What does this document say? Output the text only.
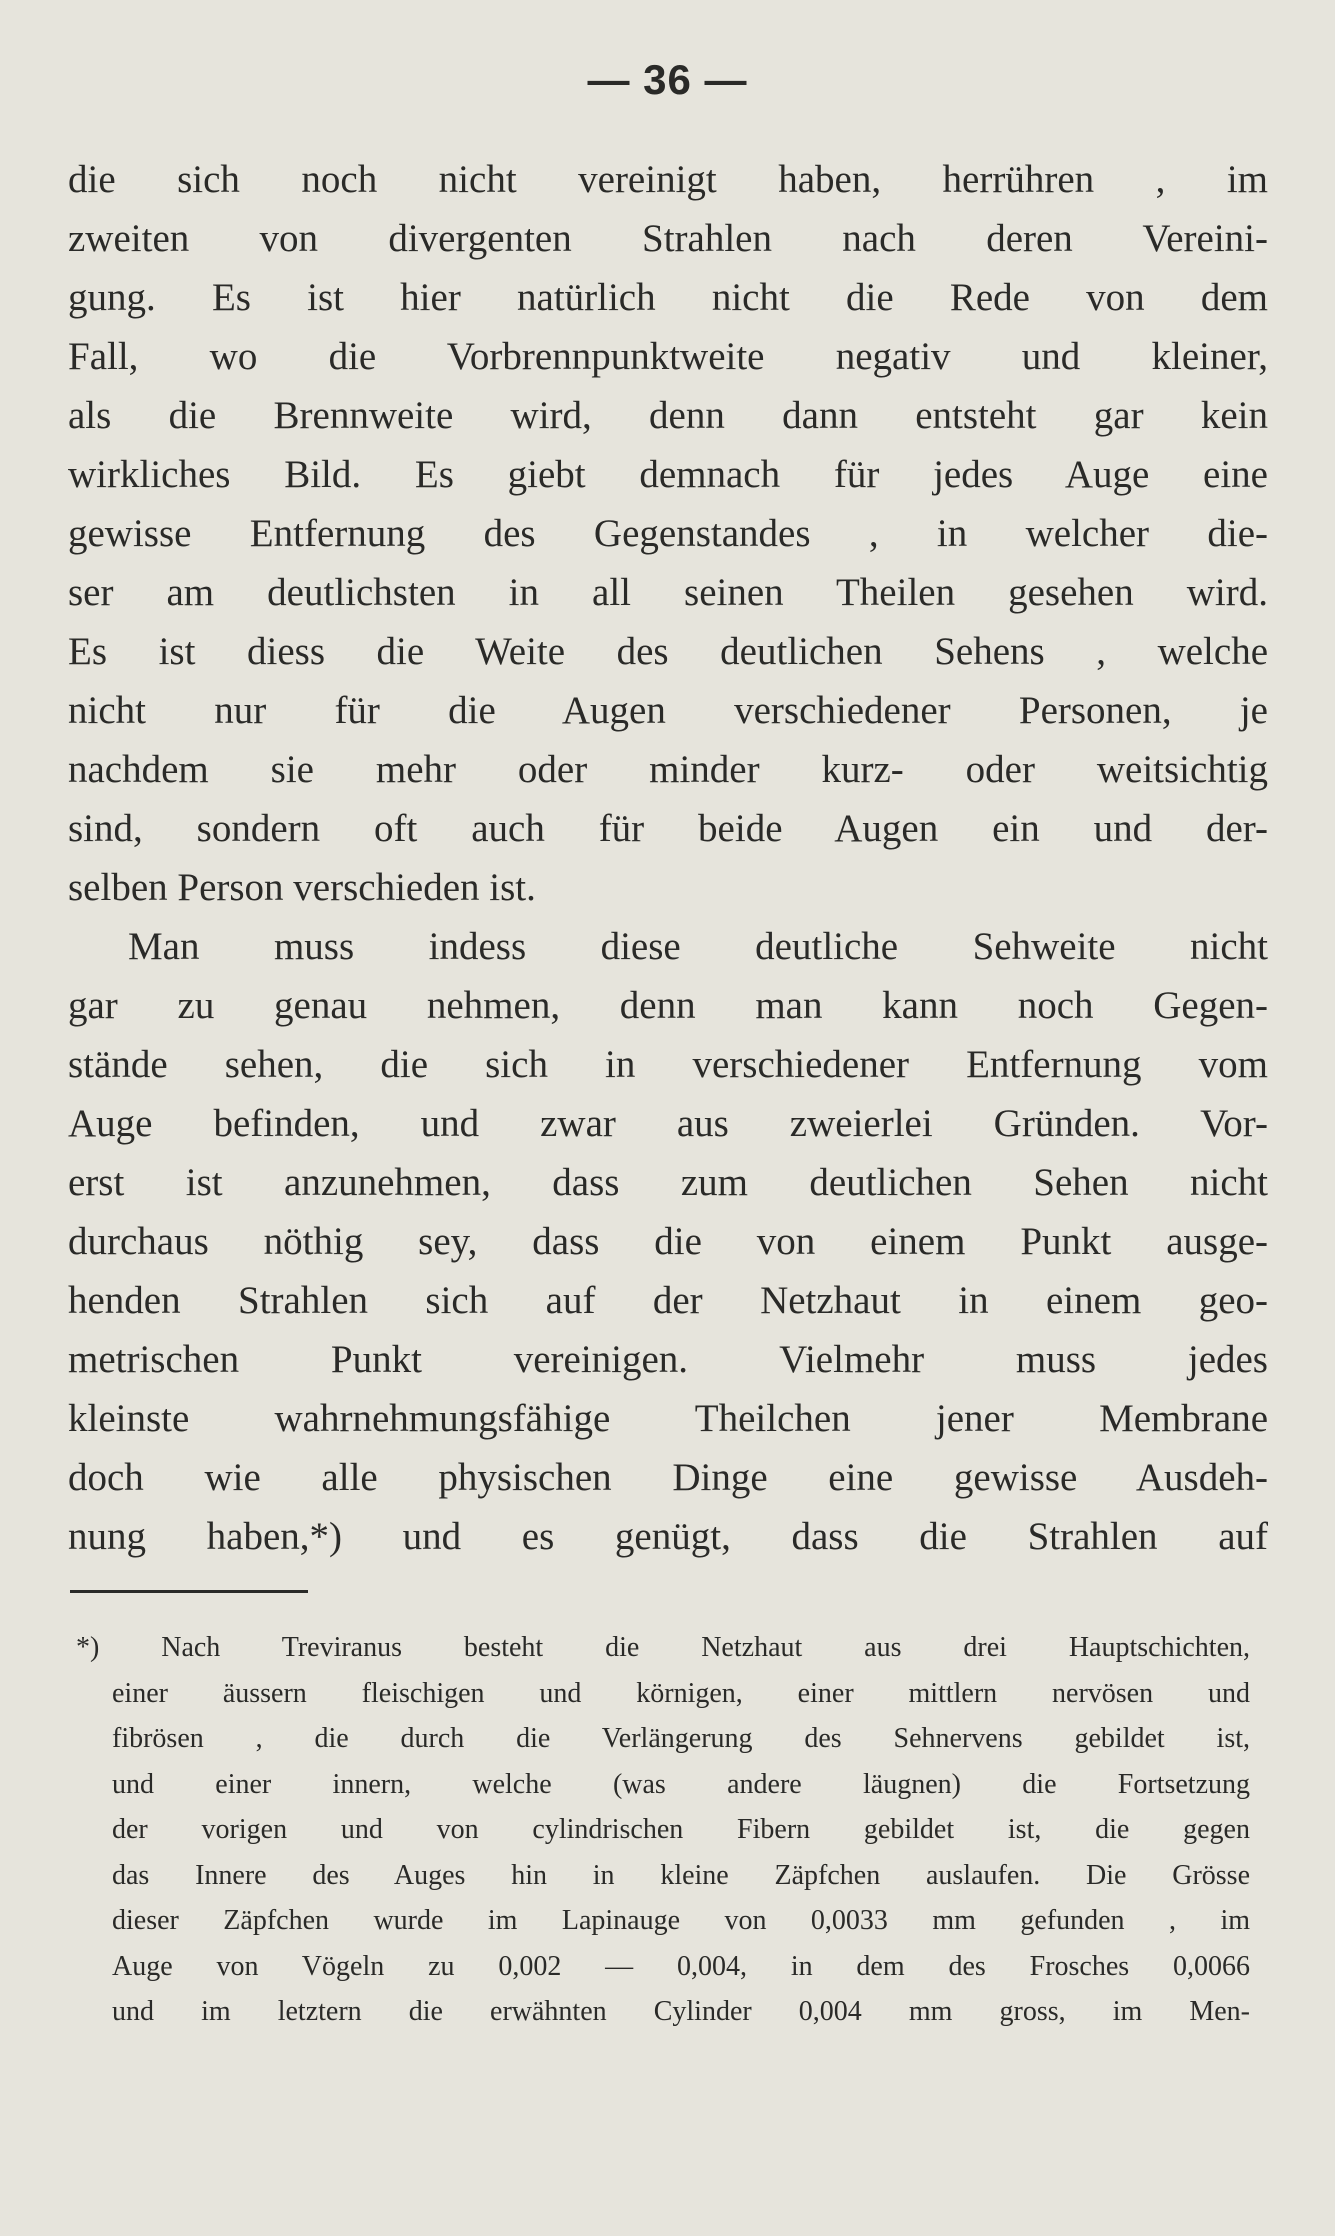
— 36 —
die sich noch nicht vereinigt haben, herrühren , im
zweiten von divergenten Strahlen nach deren Vereini-
gung. Es ist hier natürlich nicht die Rede von dem
Fall, wo die Vorbrennpunktweite negativ und kleiner,
als die Brennweite wird, denn dann entsteht gar kein
wirkliches Bild. Es giebt demnach für jedes Auge eine
gewisse Entfernung des Gegenstandes , in welcher die-
ser am deutlichsten in all seinen Theilen gesehen wird.
Es ist diess die Weite des deutlichen Sehens , welche
nicht nur für die Augen verschiedener Personen, je
nachdem sie mehr oder minder kurz- oder weitsichtig
sind, sondern oft auch für beide Augen ein und der-
selben Person verschieden ist.
Man muss indess diese deutliche Sehweite nicht
gar zu genau nehmen, denn man kann noch Gegen-
stände sehen, die sich in verschiedener Entfernung vom
Auge befinden, und zwar aus zweierlei Gründen. Vor-
erst ist anzunehmen, dass zum deutlichen Sehen nicht
durchaus nöthig sey, dass die von einem Punkt ausge-
henden Strahlen sich auf der Netzhaut in einem geo-
metrischen Punkt vereinigen. Vielmehr muss jedes
kleinste wahrnehmungsfähige Theilchen jener Membrane
doch wie alle physischen Dinge eine gewisse Ausdeh-
nung haben,*) und es genügt, dass die Strahlen auf
*) Nach Treviranus besteht die Netzhaut aus drei Hauptschichten,
einer äussern fleischigen und körnigen, einer mittlern nervösen und
fibrösen , die durch die Verlängerung des Sehnervens gebildet ist,
und einer innern, welche (was andere läugnen) die Fortsetzung
der vorigen und von cylindrischen Fibern gebildet ist, die gegen
das Innere des Auges hin in kleine Zäpfchen auslaufen. Die Grösse
dieser Zäpfchen wurde im Lapinauge von 0,0033 mm gefunden , im
Auge von Vögeln zu 0,002 — 0,004, in dem des Frosches 0,0066
und im letztern die erwähnten Cylinder 0,004 mm gross, im Men-
